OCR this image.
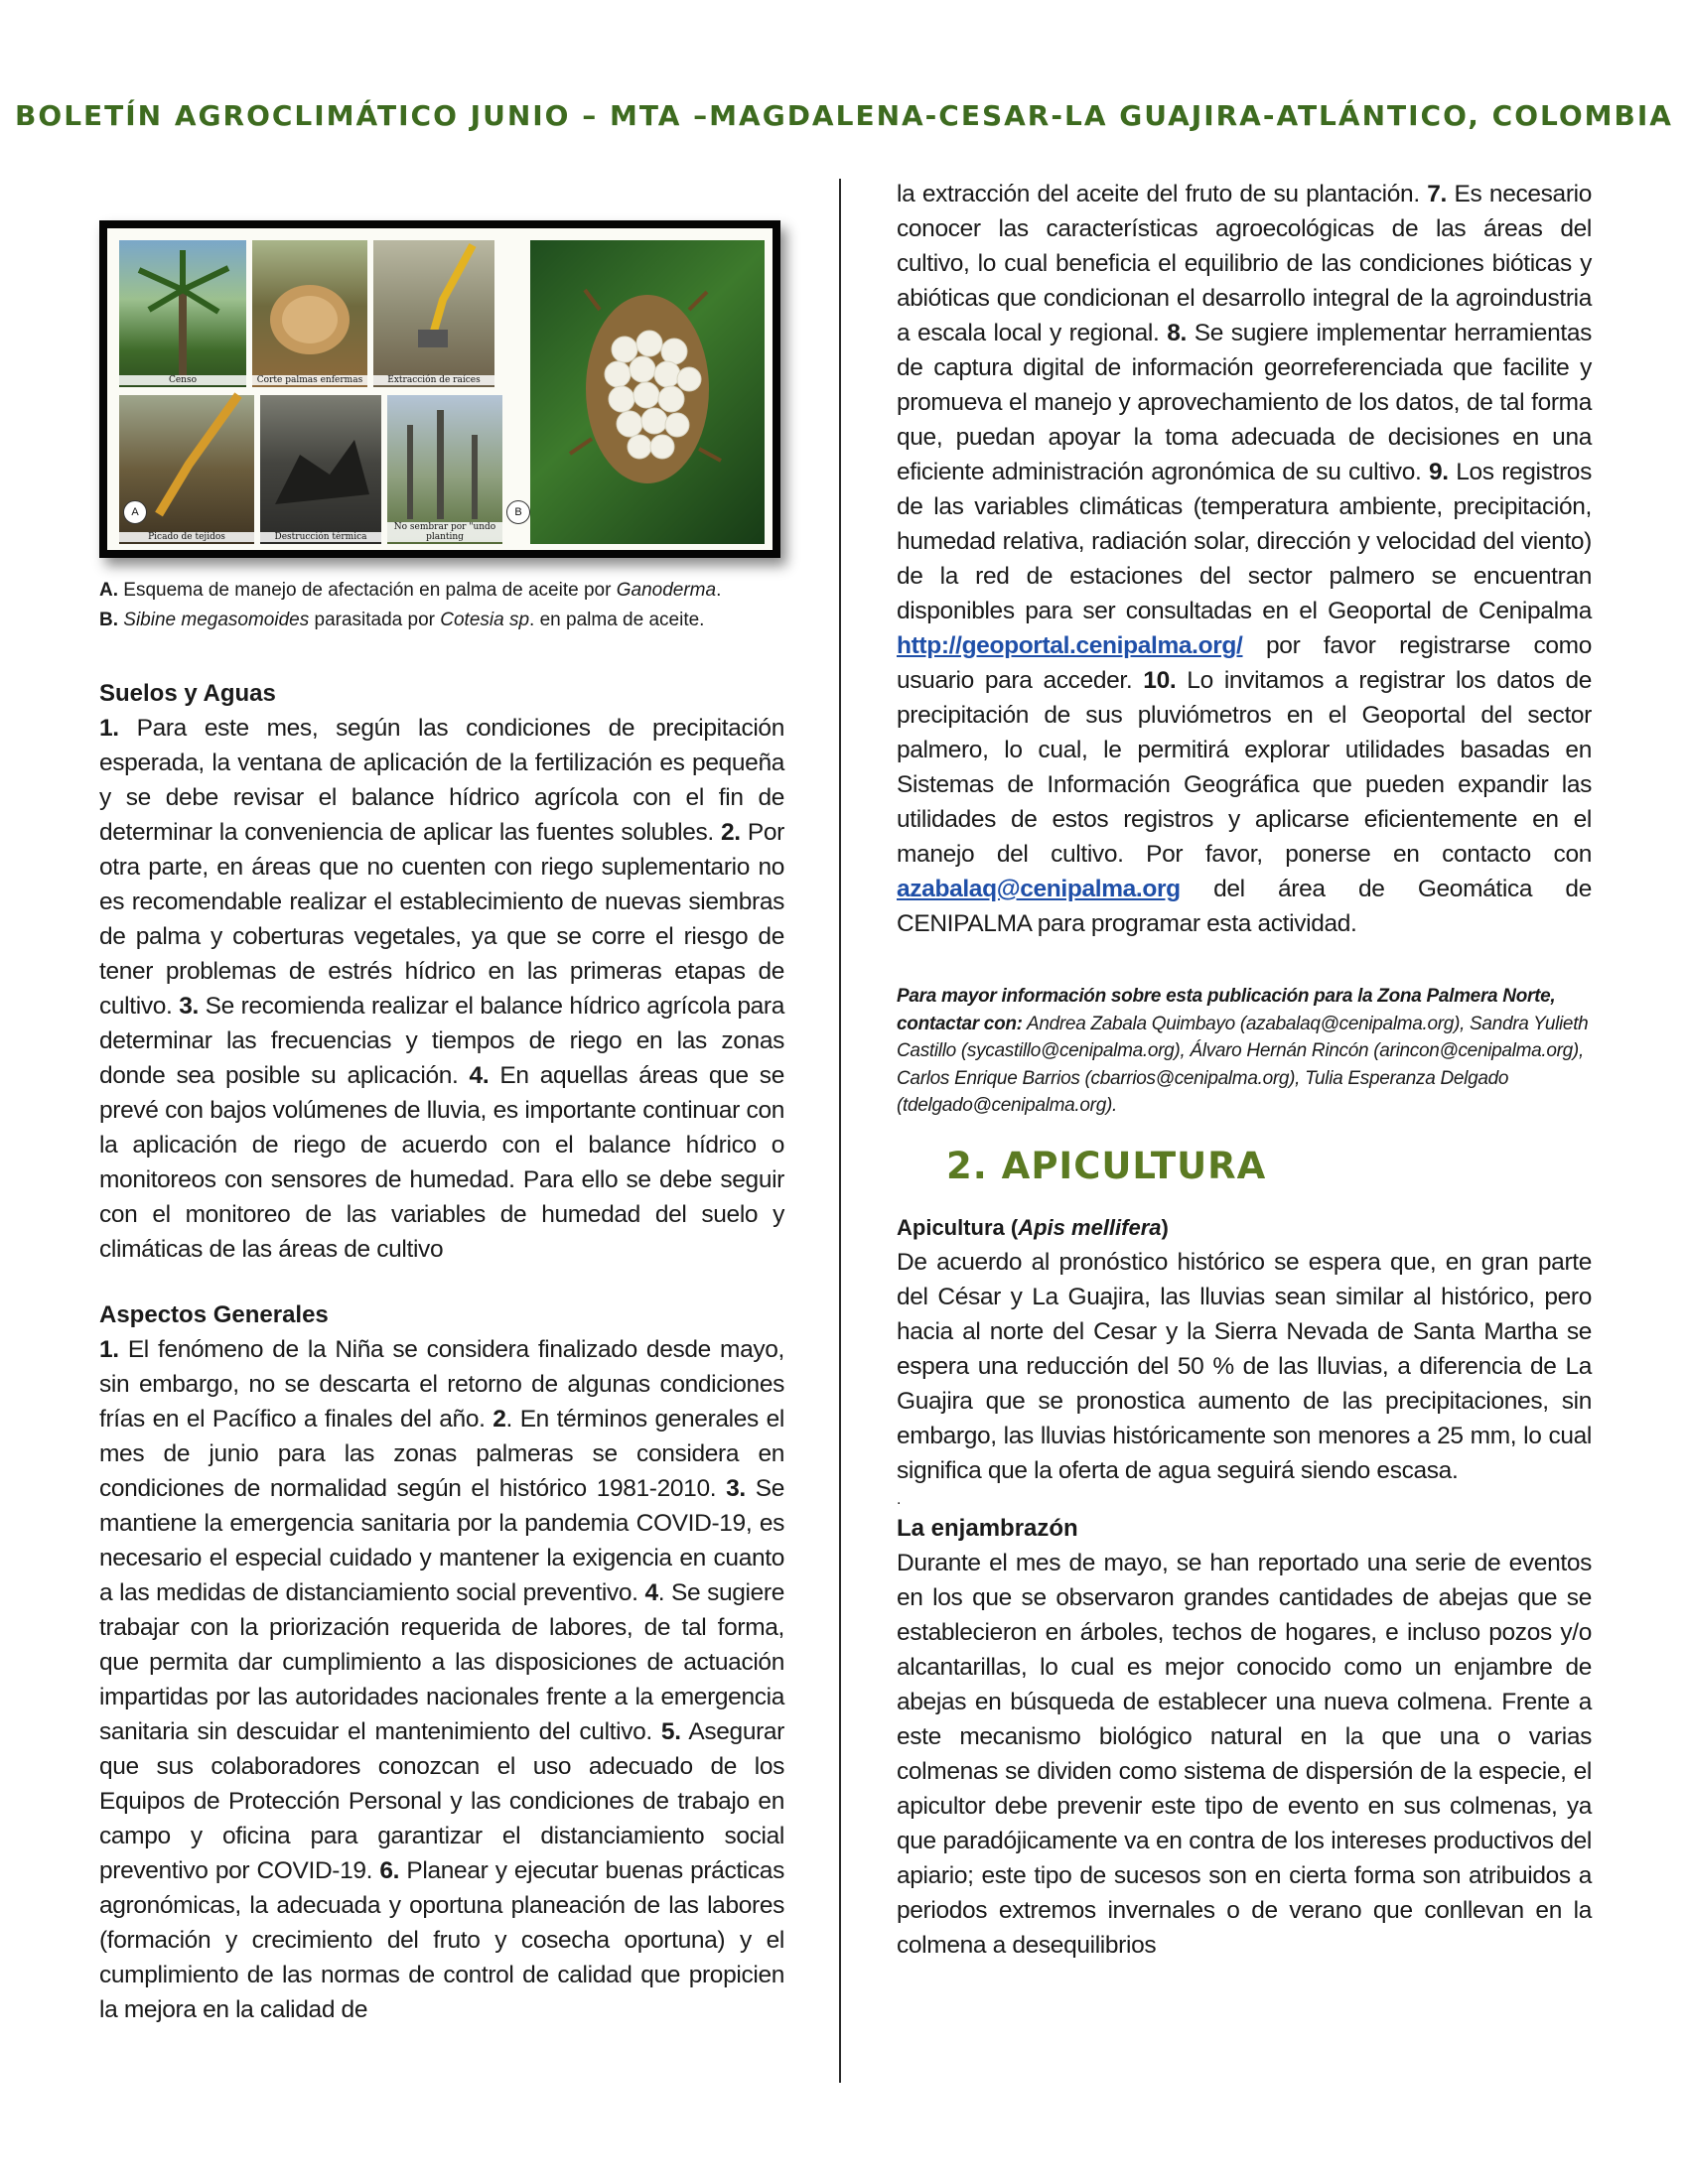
BOLETÍN AGROCLIMÁTICO JUNIO – MTA –MAGDALENA-CESAR-LA GUAJIRA-ATLÁNTICO, COLOMBIA
Censo	Corte palmas enfermas	Extracción de raíces
A
Picado de tejidos	Destrucción térmica
B
No sembrar por "undo planting
A. Esquema de manejo de afectación en palma de aceite por Ganoderma.
B. Sibine megasomoides parasitada por Cotesia sp. en palma de aceite.
Suelos y Aguas

1. Para este mes, según las condiciones de precipitación esperada, la ventana de aplicación de la fertilización es pequeña y se debe revisar el balance hídrico agrícola con el fin de determinar la conveniencia de aplicar las fuentes solubles. 2. Por otra parte, en áreas que no cuenten con riego suplementario no es recomendable realizar el establecimiento de nuevas siembras de palma y coberturas vegetales, ya que se corre el riesgo de tener problemas de estrés hídrico en las primeras etapas de cultivo. 3. Se recomienda realizar el balance hídrico agrícola para determinar las frecuencias y tiempos de riego en las zonas donde sea posible su aplicación. 4. En aquellas áreas que se prevé con bajos volúmenes de lluvia, es importante continuar con la aplicación de riego de acuerdo con el balance hídrico o monitoreos con sensores de humedad. Para ello se debe seguir con el monitoreo de las variables de humedad del suelo y climáticas de las áreas de cultivo

Aspectos Generales

1. El fenómeno de la Niña se considera finalizado desde mayo, sin embargo, no se descarta el retorno de algunas condiciones frías en el Pacífico a finales del año. 2. En términos generales el mes de junio para las zonas palmeras se considera en condiciones de normalidad según el histórico 1981-2010. 3. Se mantiene la emergencia sanitaria por la pandemia COVID-19, es necesario el especial cuidado y mantener la exigencia en cuanto a las medidas de distanciamiento social preventivo. 4. Se sugiere trabajar con la priorización requerida de labores, de tal forma, que permita dar cumplimiento a las disposiciones de actuación impartidas por las autoridades nacionales frente a la emergencia sanitaria sin descuidar el mantenimiento del cultivo. 5. Asegurar que sus colaboradores conozcan el uso adecuado de los Equipos de Protección Personal y las condiciones de trabajo en campo y oficina para garantizar el distanciamiento social preventivo por COVID-19. 6. Planear y ejecutar buenas prácticas agronómicas, la adecuada y oportuna planeación de las labores (formación y crecimiento del fruto y cosecha oportuna) y el cumplimiento de las normas de control de calidad que propicien la mejora en la calidad de

la extracción del aceite del fruto de su plantación. 7. Es necesario conocer las características agroecológicas de las áreas del cultivo, lo cual beneficia el equilibrio de las condiciones bióticas y abióticas que condicionan el desarrollo integral de la agroindustria a escala local y regional. 8. Se sugiere implementar herramientas de captura digital de información georreferenciada que facilite y promueva el manejo y aprovechamiento de los datos, de tal forma que, puedan apoyar la toma adecuada de decisiones en una eficiente administración agronómica de su cultivo. 9. Los registros de las variables climáticas (temperatura ambiente, precipitación, humedad relativa, radiación solar, dirección y velocidad del viento) de la red de estaciones del sector palmero se encuentran disponibles para ser consultadas en el Geoportal de Cenipalma http://geoportal.cenipalma.org/ por favor registrarse como usuario para acceder. 10. Lo invitamos a registrar los datos de precipitación de sus pluviómetros en el Geoportal del sector palmero, lo cual, le permitirá explorar utilidades basadas en Sistemas de Información Geográfica que pueden expandir las utilidades de estos registros y aplicarse eficientemente en el manejo del cultivo. Por favor, ponerse en contacto con azabalaq@cenipalma.org del área de Geomática de CENIPALMA para programar esta actividad.

Para mayor información sobre esta publicación para la Zona Palmera Norte, contactar con: Andrea Zabala Quimbayo (azabalaq@cenipalma.org), Sandra Yulieth Castillo (sycastillo@cenipalma.org), Álvaro Hernán Rincón (arincon@cenipalma.org), Carlos Enrique Barrios (cbarrios@cenipalma.org), Tulia Esperanza Delgado (tdelgado@cenipalma.org).

2. APICULTURA
Apicultura (Apis mellifera)

De acuerdo al pronóstico histórico se espera que, en gran parte del César y La Guajira, las lluvias sean similar al histórico, pero hacia al norte del Cesar y la Sierra Nevada de Santa Martha se espera una reducción del 50 % de las lluvias, a diferencia de La Guajira que se pronostica aumento de las precipitaciones, sin embargo, las lluvias históricamente son menores a 25 mm, lo cual significa que la oferta de agua seguirá siendo escasa.

.

La enjambrazón

Durante el mes de mayo, se han reportado una serie de eventos en los que se observaron grandes cantidades de abejas que se establecieron en árboles, techos de hogares, e incluso pozos y/o alcantarillas, lo cual es mejor conocido como un enjambre de abejas en búsqueda de establecer una nueva colmena. Frente a este mecanismo biológico natural en la que una o varias colmenas se dividen como sistema de dispersión de la especie, el apicultor debe prevenir este tipo de evento en sus colmenas, ya que paradójicamente va en contra de los intereses productivos del apiario; este tipo de sucesos son en cierta forma son atribuidos a periodos extremos invernales o de verano que conllevan en la colmena a desequilibrios
